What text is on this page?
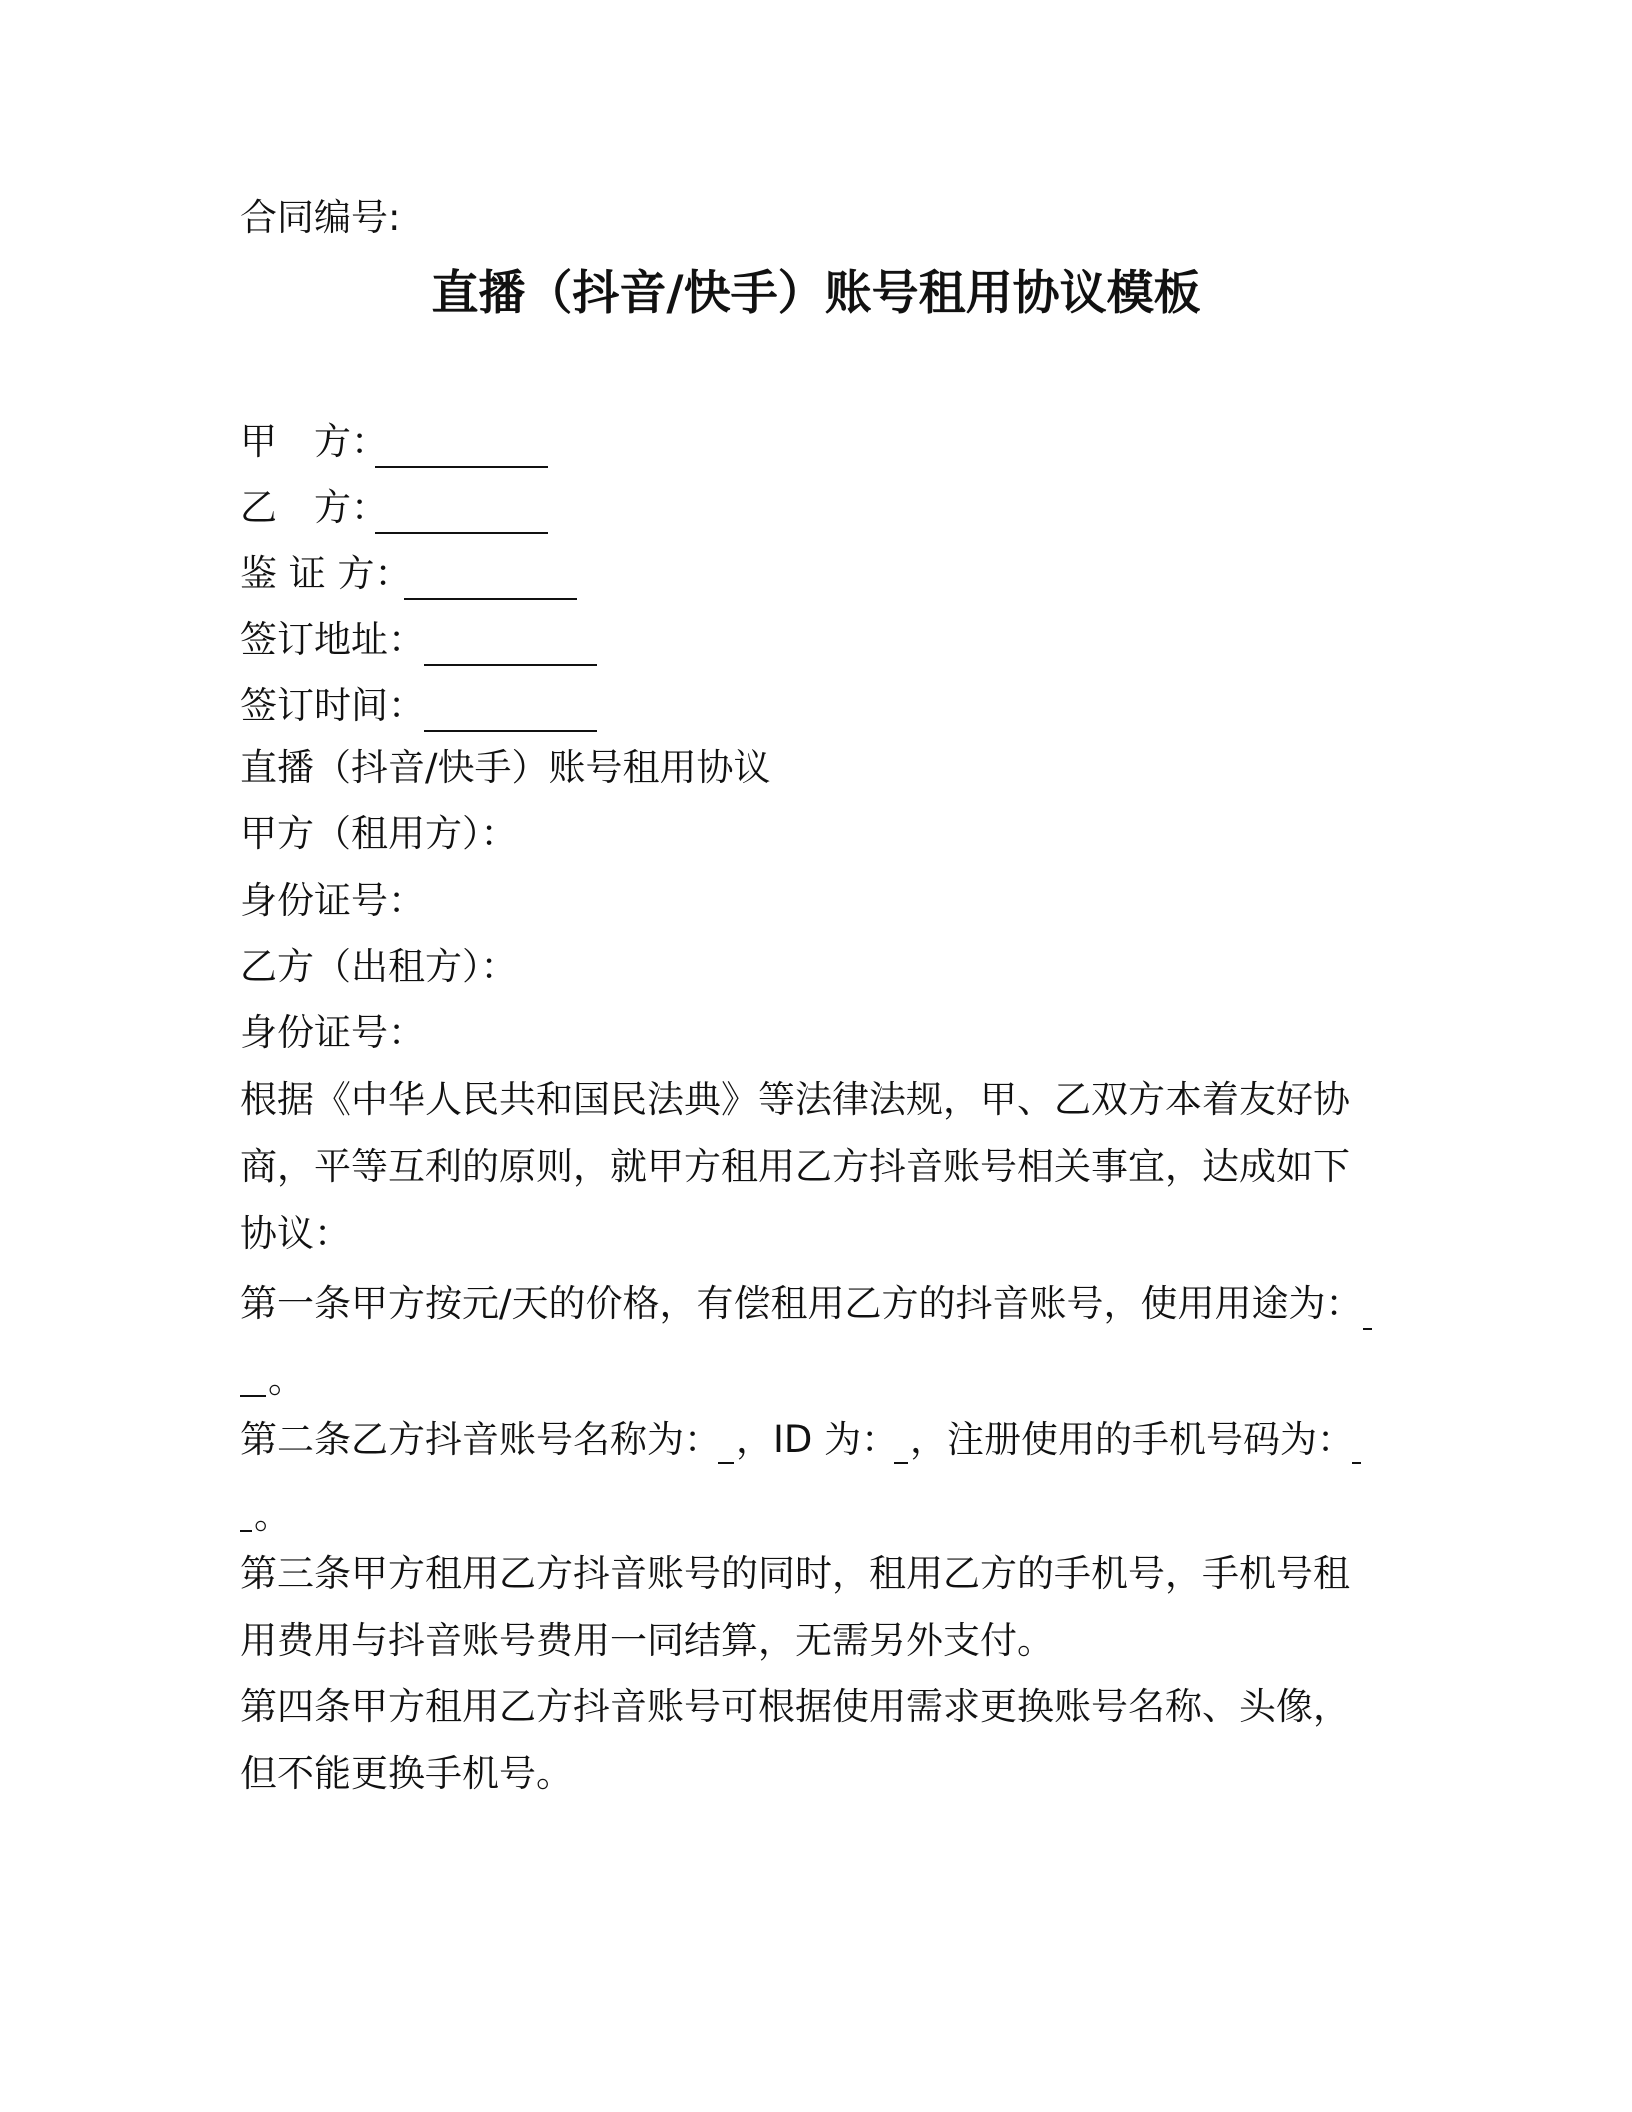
合同编号:
直播（抖音/快手）账号租用协议模板
甲　方：
乙　方：
鉴 证 方：
签订地址：
签订时间：
直播（抖音/快手）账号租用协议
甲方（租用方）：
身份证号：
乙方（出租方）：
身份证号：
根据《中华人民共和国民法典》等法律法规，甲、乙双方本着友好协商，平等互利的原则，就甲方租用乙方抖音账号相关事宜，达成如下协议：
第一条甲方按元/天的价格，有偿租用乙方的抖音账号，使用用途为：
。
第二条乙方抖音账号名称为： ，ID 为： ，注册使用的手机号码为：
。
第三条甲方租用乙方抖音账号的同时，租用乙方的手机号，手机号租用费用与抖音账号费用一同结算，无需另外支付。
第四条甲方租用乙方抖音账号可根据使用需求更换账号名称、头像，但不能更换手机号。
